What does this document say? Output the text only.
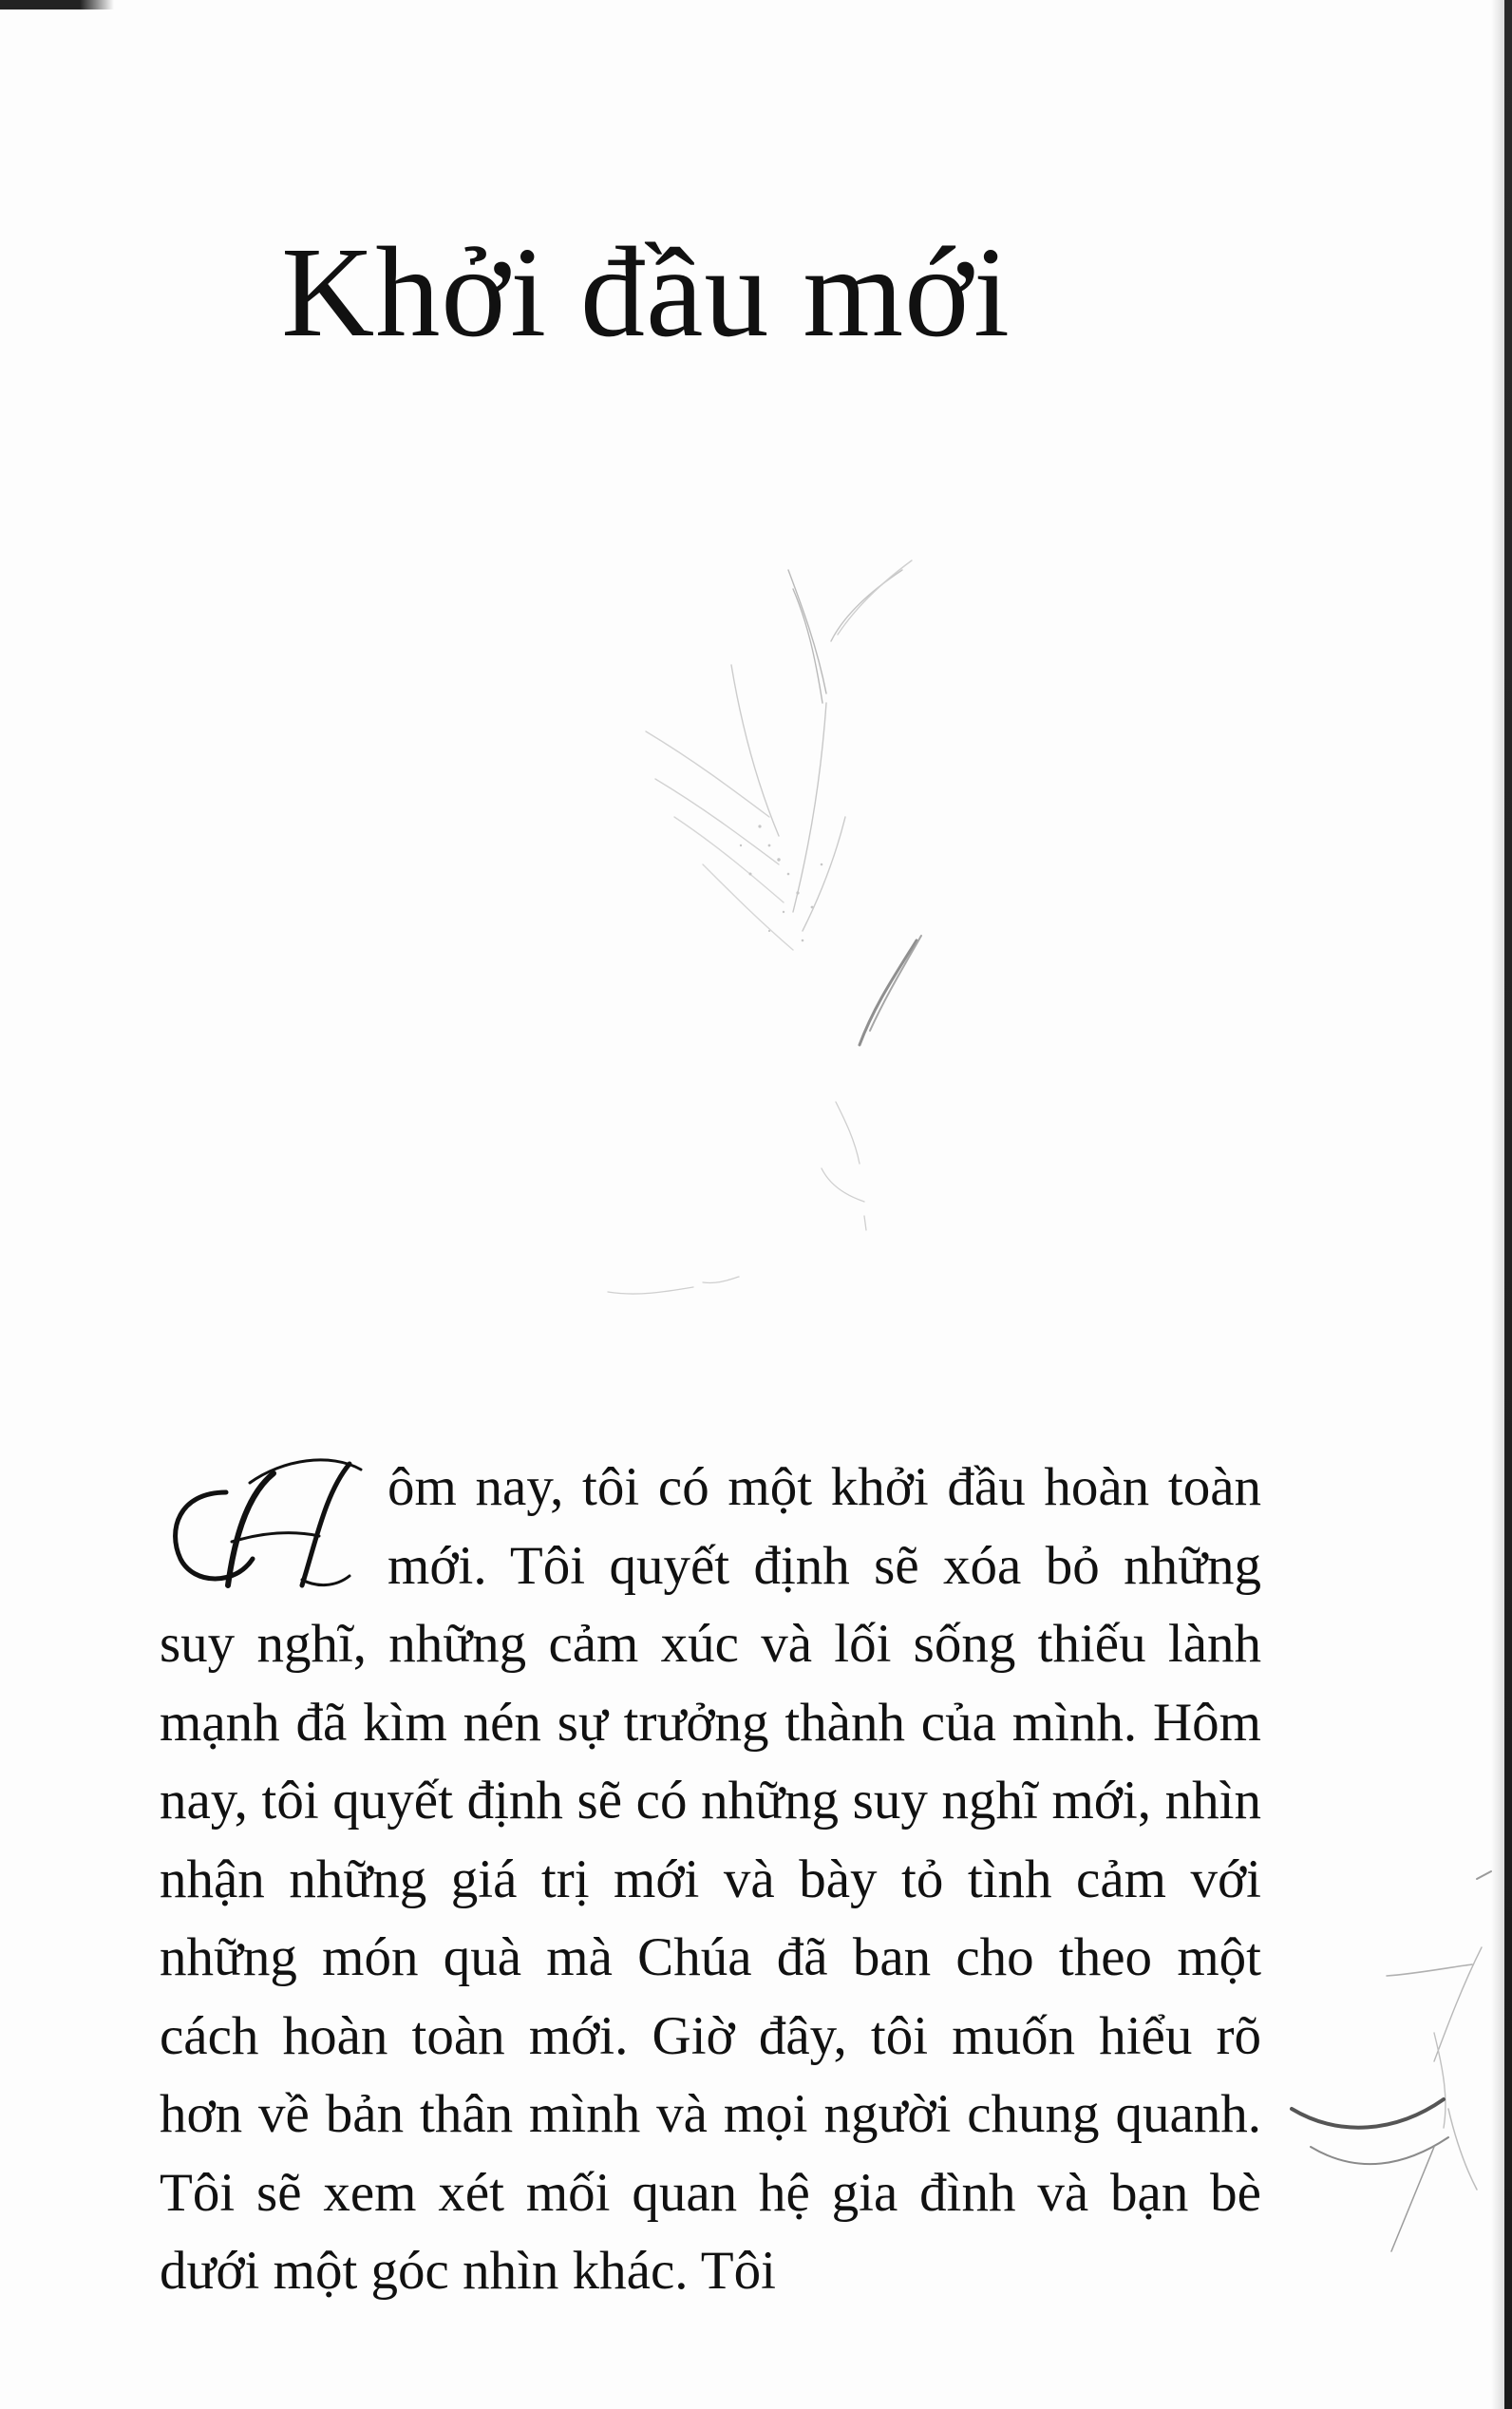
Khởi đầu mới
H ôm nay, tôi có một khởi đầu hoàn toàn mới. Tôi quyết định sẽ xóa bỏ những suy nghĩ, những cảm xúc và lối sống thiếu lành mạnh đã kìm nén sự trưởng thành của mình. Hôm nay, tôi quyết định sẽ có những suy nghĩ mới, nhìn nhận những giá trị mới và bày tỏ tình cảm với những món quà mà Chúa đã ban cho theo một cách hoàn toàn mới. Giờ đây, tôi muốn hiểu rõ hơn về bản thân mình và mọi người chung quanh. Tôi sẽ xem xét mối quan hệ gia đình và bạn bè dưới một góc nhìn khác. Tôi
